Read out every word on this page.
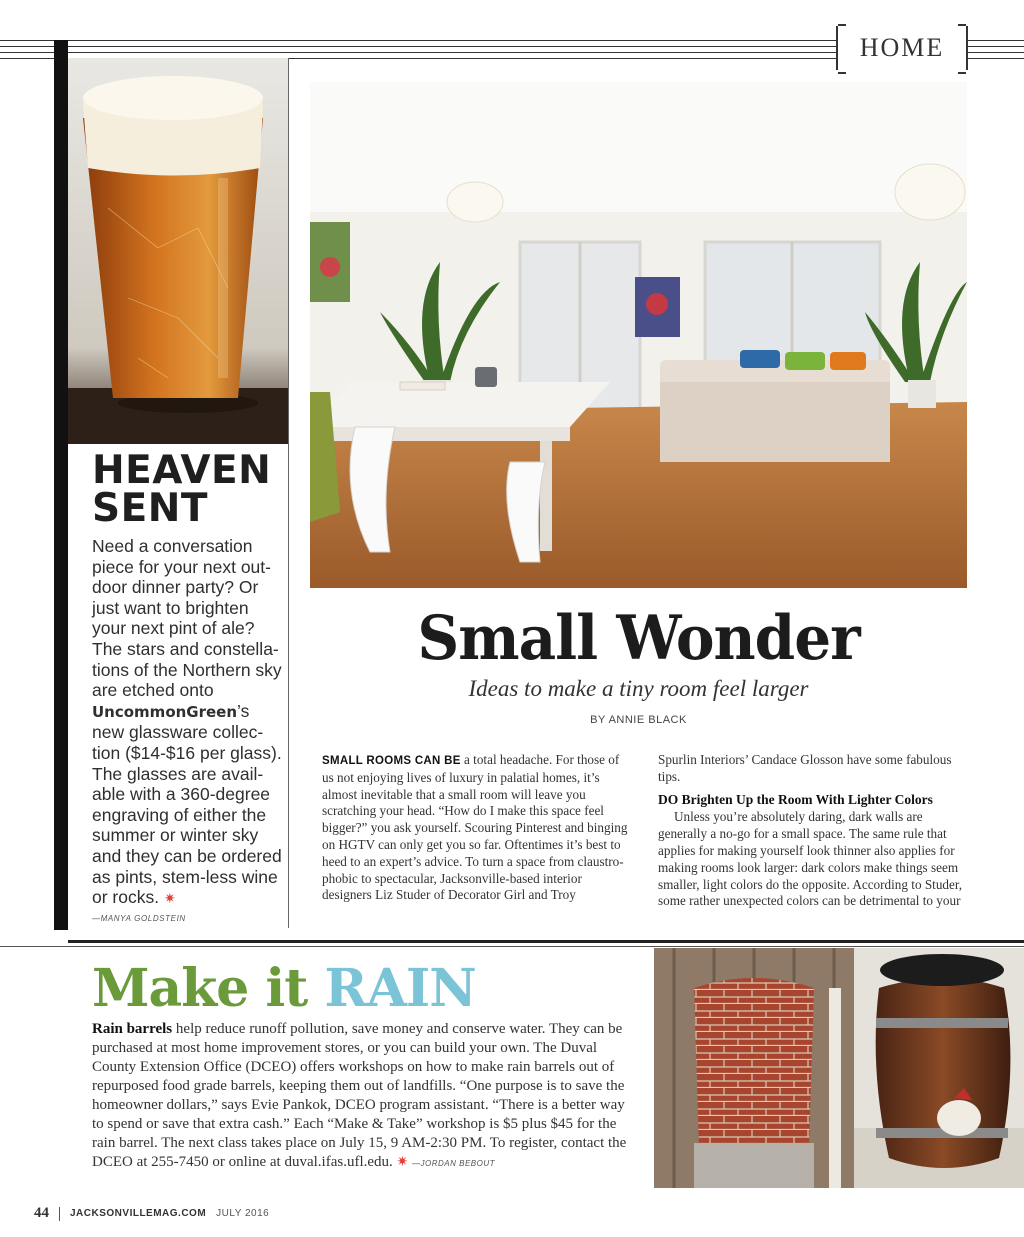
HOME
HEAVEN
SENT
Need a conversation piece for your next out-door dinner party? Or just want to brighten your next pint of ale? The stars and constella-tions of the Northern sky are etched onto UncommonGreen’s new glassware collec-tion ($14-$16 per glass). The glasses are avail-able with a 360-degree engraving of either the summer or winter sky and they can be ordered as pints, stem-less wine or rocks. ✷
—MANYA GOLDSTEIN
Small Wonder
Ideas to make a tiny room feel larger
BY ANNIE BLACK

SMALL ROOMS CAN BE a total headache. For those of us not enjoying lives of luxury in palatial homes, it’s almost inevitable that a small room will leave you scratching your head. “How do I make this space feel bigger?” you ask yourself. Scouring Pinterest and binging on HGTV can only get you so far. Oftentimes it’s best to heed to an expert’s advice. To turn a space from claustro-phobic to spectacular, Jacksonville-based interior designers Liz Studer of Decorator Girl and Troy

Spurlin Interiors’ Candace Glosson have some fabulous tips.

DO Brighten Up the Room With Lighter Colors

Unless you’re absolutely daring, dark walls are generally a no-go for a small space. The same rule that applies for making yourself look thinner also applies for making rooms look larger: dark colors make things seem smaller, light colors do the opposite. According to Studer, some rather unexpected colors can be detrimental to your

Make it RAIN
Rain barrels help reduce runoff pollution, save money and conserve water. They can be purchased at most home improvement stores, or you can build your own. The Duval County Extension Office (DCEO) offers workshops on how to make rain barrels out of repurposed food grade barrels, keeping them out of landfills. “One purpose is to save the homeowner dollars,” says Evie Pankok, DCEO program assistant. “There is a better way to spend or save that extra cash.” Each “Make & Take” workshop is $5 plus $45 for the rain barrel. The next class takes place on July 15, 9 AM-2:30 PM. To register, contact the DCEO at 255-7450 or online at duval.ifas.ufl.edu. ✷ —JORDAN BEBOUT
44 JACKSONVILLEMAG.COM JULY 2016
